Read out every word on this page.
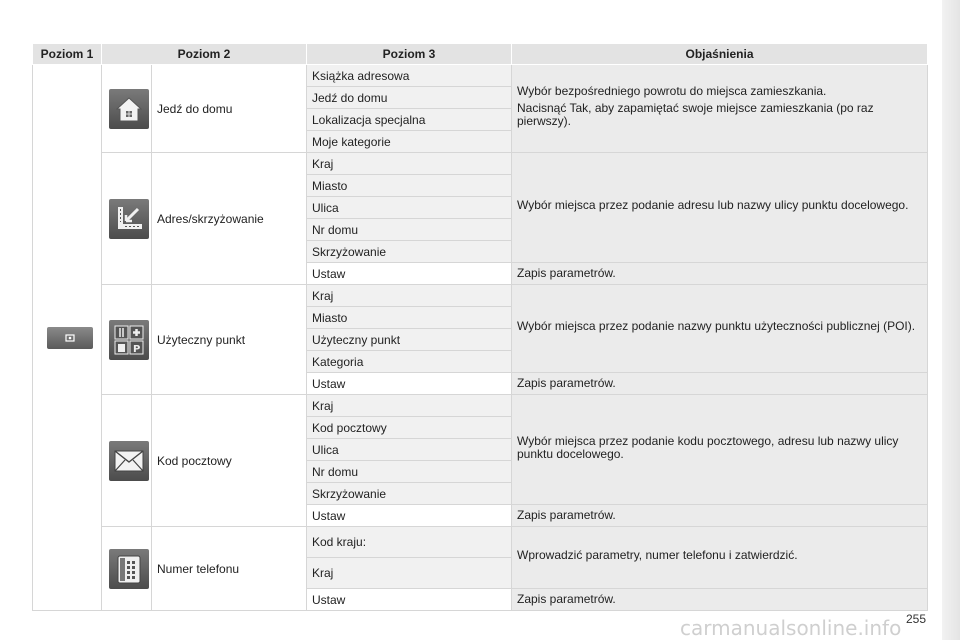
Poziom 1	Poziom 2		Poziom 3	Objaśnienia

	Jedź do domu	Książka adresowa	Wybór bezpośredniego powrotu do miejsca zamieszkania.

Nacisnąć Tak, aby zapamiętać swoje miejsce zamieszkania (po raz pierwszy).

			Jedź do domu	
			Lokalizacja specjalna	
			Moje kategorie	

	Adres/skrzyżowanie	Kraj	Wybór miejsca przez podanie adresu lub nazwy ulicy punktu docelowego.

			Miasto	
			Ulica	
			Nr domu	
			Skrzyżowanie	
			Ustaw	Zapis parametrów.

P	Użyteczny punkt	Kraj	Wybór miejsca przez podanie nazwy punktu użyteczności publicznej (POI).

			Miasto	
			Użyteczny punkt	
			Kategoria	
			Ustaw	Zapis parametrów.

	Kod pocztowy	Kraj	Wybór miejsca przez podanie kodu pocztowego, adresu lub nazwy ulicy punktu docelowego.

			Kod pocztowy	
			Ulica	
			Nr domu	
			Skrzyżowanie	
			Ustaw	Zapis parametrów.

	Numer telefonu	Kod kraju:	Wprowadzić parametry, numer telefonu i zatwierdzić.

			Kraj	
			Ustaw	Zapis parametrów.
carmanualsonline.info 255
